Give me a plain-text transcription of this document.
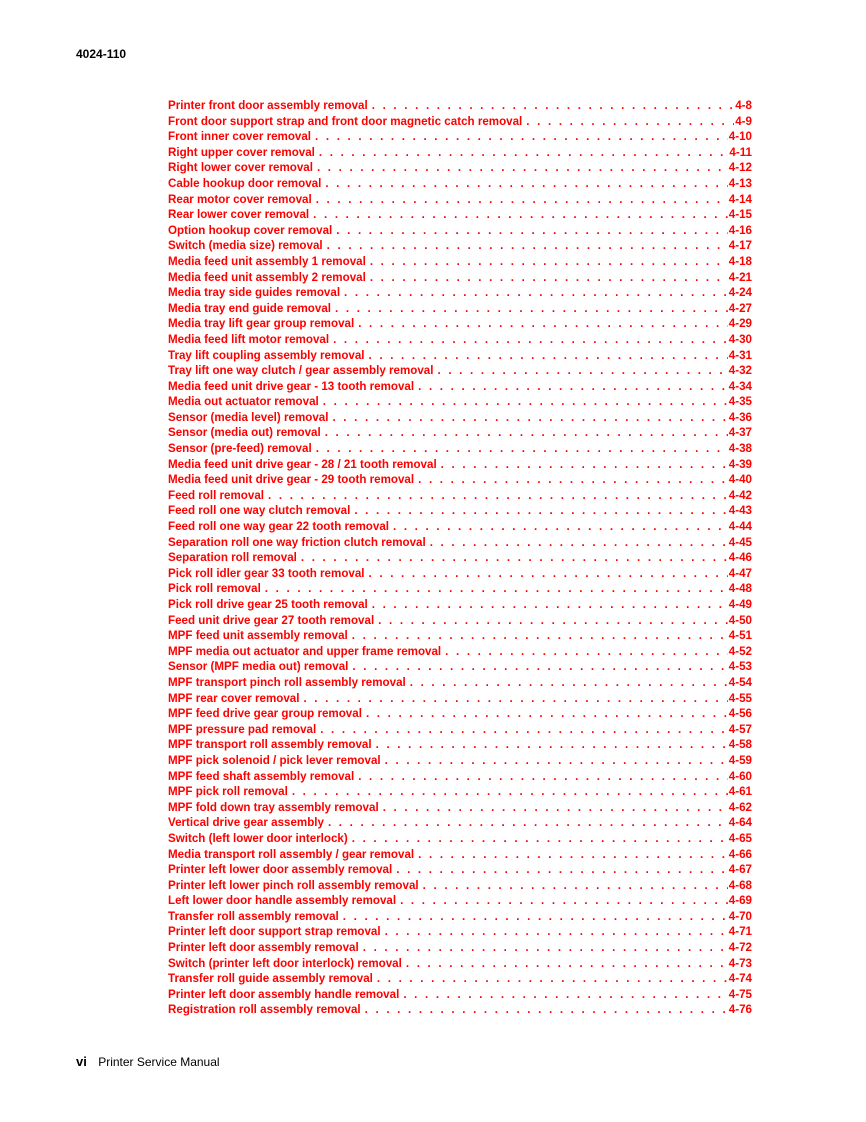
4024-110
Printer front door assembly removal . . .	4-8
Front door support strap and front door magnetic catch removal . . .	4-9
Front inner cover removal . . .	4-10
Right upper cover removal . . .	4-11
Right lower cover removal . . .	4-12
Cable hookup door removal . . .	4-13
Rear motor cover removal . . .	4-14
Rear lower cover removal . . .	4-15
Option hookup cover removal . . .	4-16
Switch (media size) removal . . .	4-17
Media feed unit assembly 1 removal . . .	4-18
Media feed unit assembly 2 removal . . .	4-21
Media tray side guides removal . . .	4-24
Media tray end guide removal . . .	4-27
Media tray lift gear group removal . . .	4-29
Media feed lift motor removal . . .	4-30
Tray lift coupling assembly removal . . .	4-31
Tray lift one way clutch / gear assembly removal . . .	4-32
Media feed unit drive gear - 13 tooth removal . . .	4-34
Media out actuator removal . . .	4-35
Sensor (media level) removal . . .	4-36
Sensor (media out) removal . . .	4-37
Sensor (pre-feed) removal . . .	4-38
Media feed unit drive gear - 28 / 21 tooth removal . . .	4-39
Media feed unit drive gear - 29 tooth removal . . .	4-40
Feed roll removal . . .	4-42
Feed roll one way clutch removal . . .	4-43
Feed roll one way gear 22 tooth removal . . .	4-44
Separation roll one way friction clutch removal . . .	4-45
Separation roll removal . . .	4-46
Pick roll idler gear 33 tooth removal . . .	4-47
Pick roll removal . . .	4-48
Pick roll drive gear 25 tooth removal . . .	4-49
Feed unit drive gear 27 tooth removal . . .	4-50
MPF feed unit assembly removal . . .	4-51
MPF media out actuator and upper frame removal . . .	4-52
Sensor (MPF media out) removal . . .	4-53
MPF transport pinch roll assembly removal . . .	4-54
MPF rear cover removal . . .	4-55
MPF feed drive gear group removal . . .	4-56
MPF pressure pad removal . . .	4-57
MPF transport roll assembly removal . . .	4-58
MPF pick solenoid / pick lever removal . . .	4-59
MPF feed shaft assembly removal . . .	4-60
MPF pick roll removal . . .	4-61
MPF fold down tray assembly removal . . .	4-62
Vertical drive gear assembly . . .	4-64
Switch (left lower door interlock) . . .	4-65
Media transport roll assembly / gear removal . . .	4-66
Printer left lower door assembly removal . . .	4-67
Printer left lower pinch roll assembly removal . . .	4-68
Left lower door handle assembly removal . . .	4-69
Transfer roll assembly removal . . .	4-70
Printer left door support strap removal . . .	4-71
Printer left door assembly removal . . .	4-72
Switch (printer left door interlock) removal . . .	4-73
Transfer roll guide assembly removal . . .	4-74
Printer left door assembly handle removal . . .	4-75
Registration roll assembly removal . . .	4-76
vi Printer Service Manual
